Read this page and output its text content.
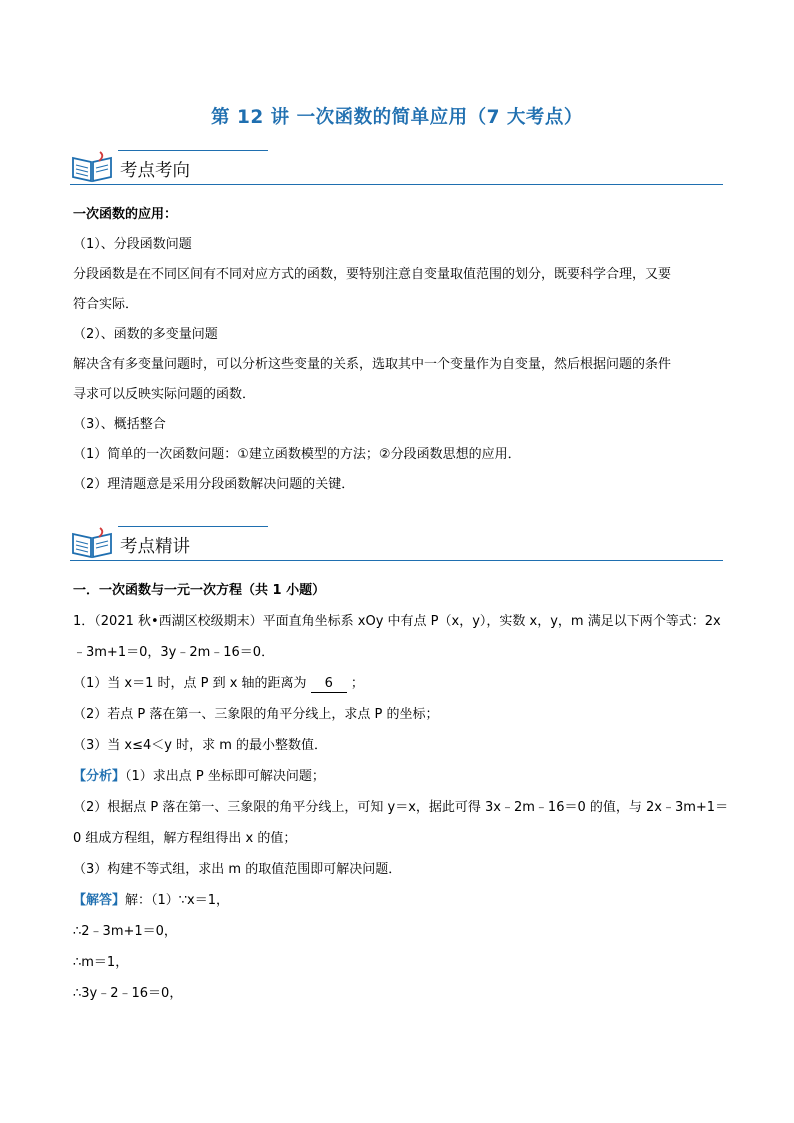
第 12 讲 一次函数的简单应用（7 大考点）
考点考向
一次函数的应用：
（1）、分段函数问题
分段函数是在不同区间有不同对应方式的函数，要特别注意自变量取值范围的划分，既要科学合理，又要
符合实际．
（2）、函数的多变量问题
解决含有多变量问题时，可以分析这些变量的关系，选取其中一个变量作为自变量，然后根据问题的条件
寻求可以反映实际问题的函数．
（3）、概括整合
（1）简单的一次函数问题：①建立函数模型的方法；②分段函数思想的应用．
（2）理清题意是采用分段函数解决问题的关键．
考点精讲
一．一次函数与一元一次方程（共 1 小题）
1．（2021 秋•西湖区校级期末）平面直角坐标系 xOy 中有点 P（x，y），实数 x，y，m 满足以下两个等式：2x
﹣3m+1＝0，3y﹣2m﹣16＝0．
（1）当 x＝1 时，点 P 到 x 轴的距离为 6 ；
（2）若点 P 落在第一、三象限的角平分线上，求点 P 的坐标；
（3）当 x≤4＜y 时，求 m 的最小整数值．
【分析】（1）求出点 P 坐标即可解决问题；
（2）根据点 P 落在第一、三象限的角平分线上，可知 y＝x，据此可得 3x﹣2m﹣16＝0 的值，与 2x﹣3m+1＝
0 组成方程组，解方程组得出 x 的值；
（3）构建不等式组，求出 m 的取值范围即可解决问题．
【解答】解：（1）∵x＝1，
∴2﹣3m+1＝0，
∴m＝1，
∴3y﹣2﹣16＝0，
